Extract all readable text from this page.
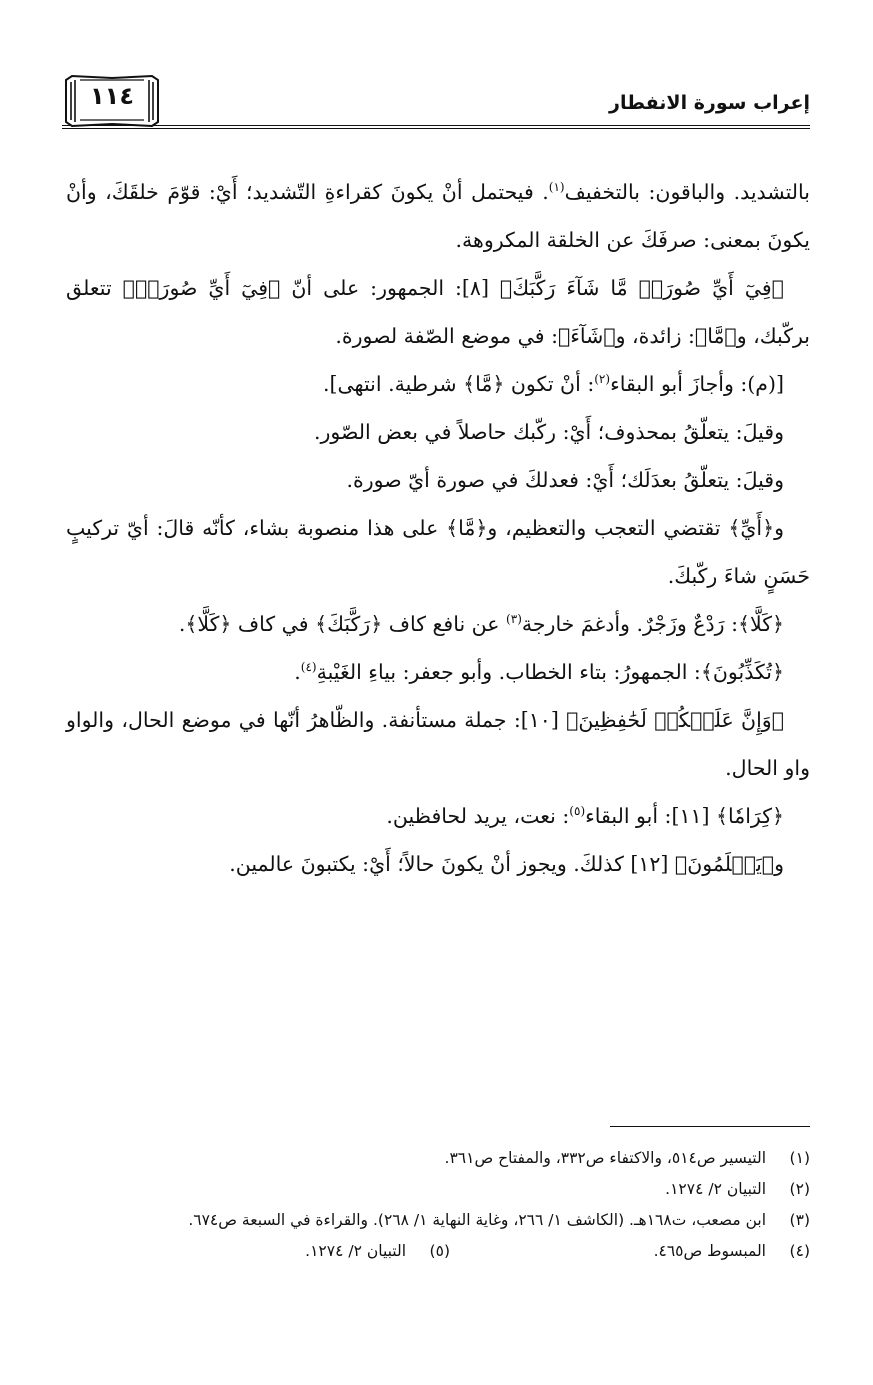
إعراب سورة الانفطار
١١٤

بالتشديد. والباقون: بالتخفيف$^{(١)}$. فيحتمل أنْ يكونَ كقراءةِ التّشديد؛ أَيْ: قوّمَ خلقَكَ، وأنْ يكونَ بمعنى: صرفَكَ عن الخلقة المكروهة.

﴿فِيٓ أَيِّ صُورَةٖ مَّا شَآءَ رَكَّبَكَ﴾ [٨]: الجمهور: على أنّ ﴿فِيٓ أَيِّ صُورَةٖ﴾ تتعلق بركّبك، و﴿مَّا﴾: زائدة، و﴿شَآءَ﴾: في موضع الصّفة لصورة.

[(م): وأجازَ أبو البقاء$^{(٢)}$: أنْ تكون ﴿مَّا﴾ شرطية. انتهى].

وقيلَ: يتعلّقُ بمحذوف؛ أَيْ: ركّبك حاصلاً في بعض الصّور.

وقيلَ: يتعلّقُ بعدَلَك؛ أَيْ: فعدلكَ في صورة أيّ صورة.

و﴿أَيِّ﴾ تقتضي التعجب والتعظيم، و﴿مَّا﴾ على هذا منصوبة بشاء، كأنّه قالَ: أيّ تركيبٍ حَسَنٍ شاءَ ركّبكَ.

﴿كَلَّا﴾: رَدْعٌ وزَجْرٌ. وأدغمَ خارجة$^{(٣)}$ عن نافع كاف ﴿رَكَّبَكَ﴾ في كاف ﴿كَلَّا﴾.

﴿تُكَذِّبُونَ﴾: الجمهورُ: بتاء الخطاب. وأبو جعفر: بياءِ الغَيْبةِ$^{(٤)}$.

﴿وَإِنَّ عَلَيۡكُمۡ لَحَٰفِظِينَ﴾ [١٠]: جملة مستأنفة. والظّاهرُ أنّها في موضع الحال، والواو واو الحال.

﴿كِرَامٗا﴾ [١١]: أبو البقاء$^{(٥)}$: نعت، يريد لحافظين.

و﴿يَعۡلَمُونَ﴾ [١٢] كذلكَ. ويجوز أنْ يكونَ حالاً؛ أَيْ: يكتبونَ عالمين.

(١)
التيسير ص٥١٤، والاكتفاء ص٣٣٢، والمفتاح ص٣٦١.
(٢)
التبيان ٢/ ١٢٧٤.
(٣)
ابن مصعب، ت١٦٨هـ. (الكاشف ١/ ٢٦٦، وغاية النهاية ١/ ٢٦٨). والقراءة في السبعة ص٦٧٤.
(٤)
المبسوط ص٤٦٥.
(٥)
التبيان ٢/ ١٢٧٤.
